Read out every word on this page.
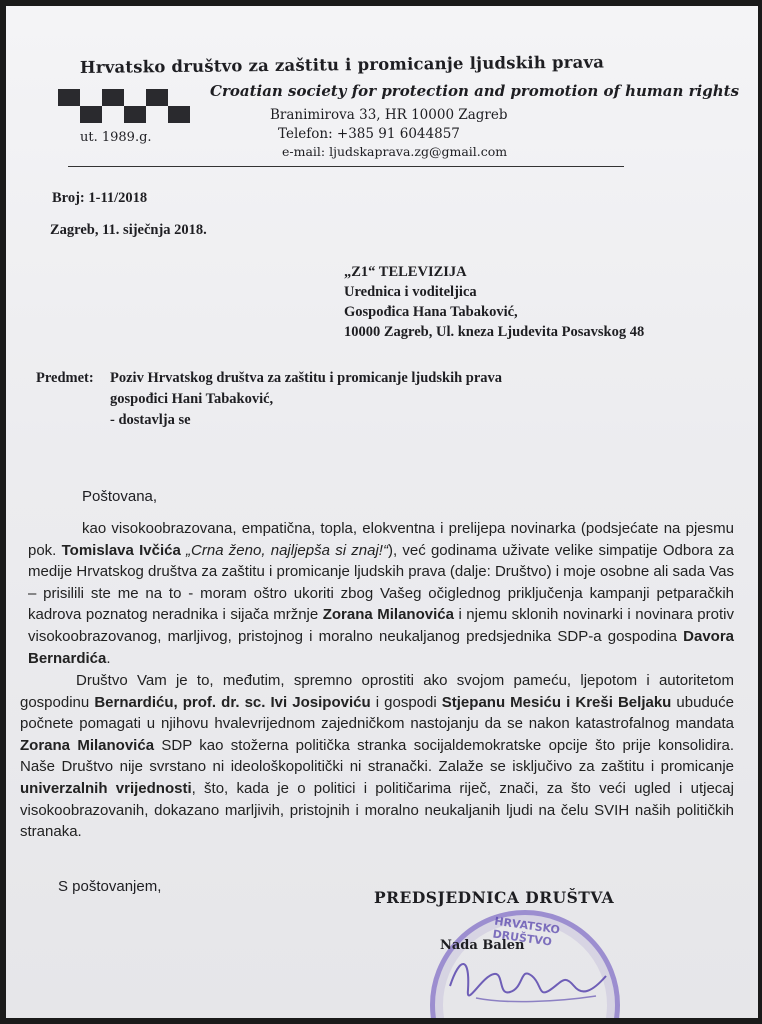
Hrvatsko društvo za zaštitu i promicanje ljudskih prava
Croatian society for protection and promotion of human rights
ut. 1989.g.
Branimirova 33, HR 10000 Zagreb
Telefon: +385 91 6044857
e-mail: ljudskaprava.zg@gmail.com
Broj: 1-11/2018
Zagreb, 11. siječnja 2018.
„Z1“ TELEVIZIJA
Urednica i voditeljica
Gospođica Hana Tabaković,
10000 Zagreb, Ul. kneza Ljudevita Posavskog 48
Predmet: Poziv Hrvatskog društva za zaštitu i promicanje ljudskih prava
gospođici Hani Tabaković,
- dostavlja se
Poštovana,

kao visokoobrazovana, empatična, topla, elokventna i prelijepa novinarka (podsjećate na pjesmu pok. Tomislava Ivčića „Crna ženo, najljepša si znaj!“), već godinama uživate velike simpatije Odbora za medije Hrvatskog društva za zaštitu i promicanje ljudskih prava (dalje: Društvo) i moje osobne ali sada Vas – prisilili ste me na to - moram oštro ukoriti zbog Vašeg očiglednog priključenja kampanji petparačkih kadrova poznatog neradnika i sijača mržnje Zorana Milanovića i njemu sklonih novinarki i novinara protiv visokoobrazovanog, marljivog, pristojnog i moralno neukaljanog predsjednika SDP-a gospodina Davora Bernardića.

Društvo Vam je to, međutim, spremno oprostiti ako svojom pameću, ljepotom i autoritetom gospodinu Bernardiću, prof. dr. sc. Ivi Josipoviću i gospodi Stjepanu Mesiću i Kreši Beljaku ubuduće počnete pomagati u njihovu hvalevrijednom zajedničkom nastojanju da se nakon katastrofalnog mandata Zorana Milanovića SDP kao stožerna politička stranka socijaldemokratske opcije što prije konsolidira. Naše Društvo nije svrstano ni ideološkopolitički ni stranački. Zalaže se isključivo za zaštitu i promicanje univerzalnih vrijednosti, što, kada je o politici i političarima riječ, znači, za što veći ugled i utjecaj visokoobrazovanih, dokazano marljivih, pristojnih i moralno neukaljanih ljudi na čelu SVIH naših političkih stranaka.

S poštovanjem,
PREDSJEDNICA DRUŠTVA
HRVATSKO DRUŠTVO
Nada Balen
